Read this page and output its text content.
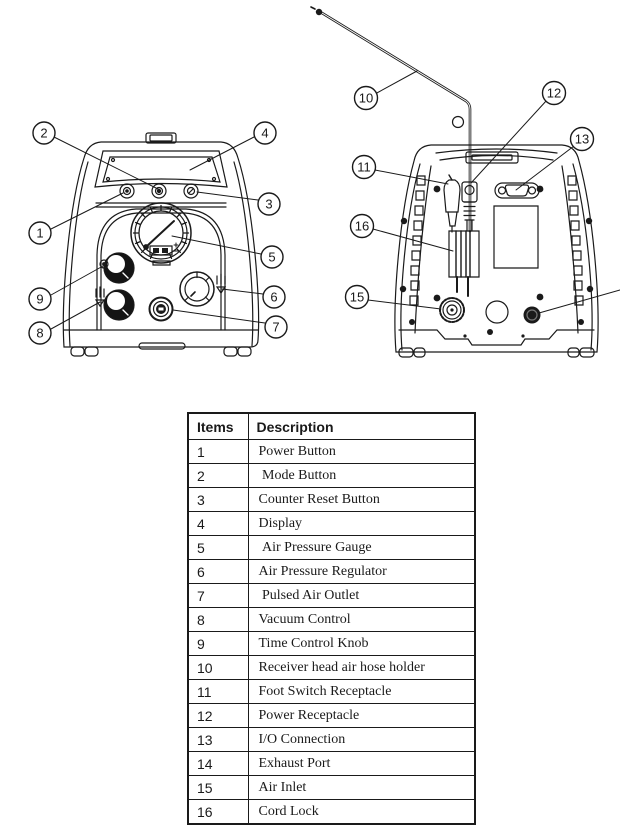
2	4
3
1
5
9	6
8	7
10	12
13
11
16
15
Items	Description
1	Power Button
2	Mode Button
3	Counter Reset Button
4	Display
5	Air Pressure Gauge
6	Air Pressure Regulator
7	Pulsed Air Outlet
8	Vacuum Control
9	Time Control Knob
10	Receiver head air hose holder
11	Foot Switch Receptacle
12	Power Receptacle
13	I/O Connection
14	Exhaust Port
15	Air Inlet
16	Cord Lock
